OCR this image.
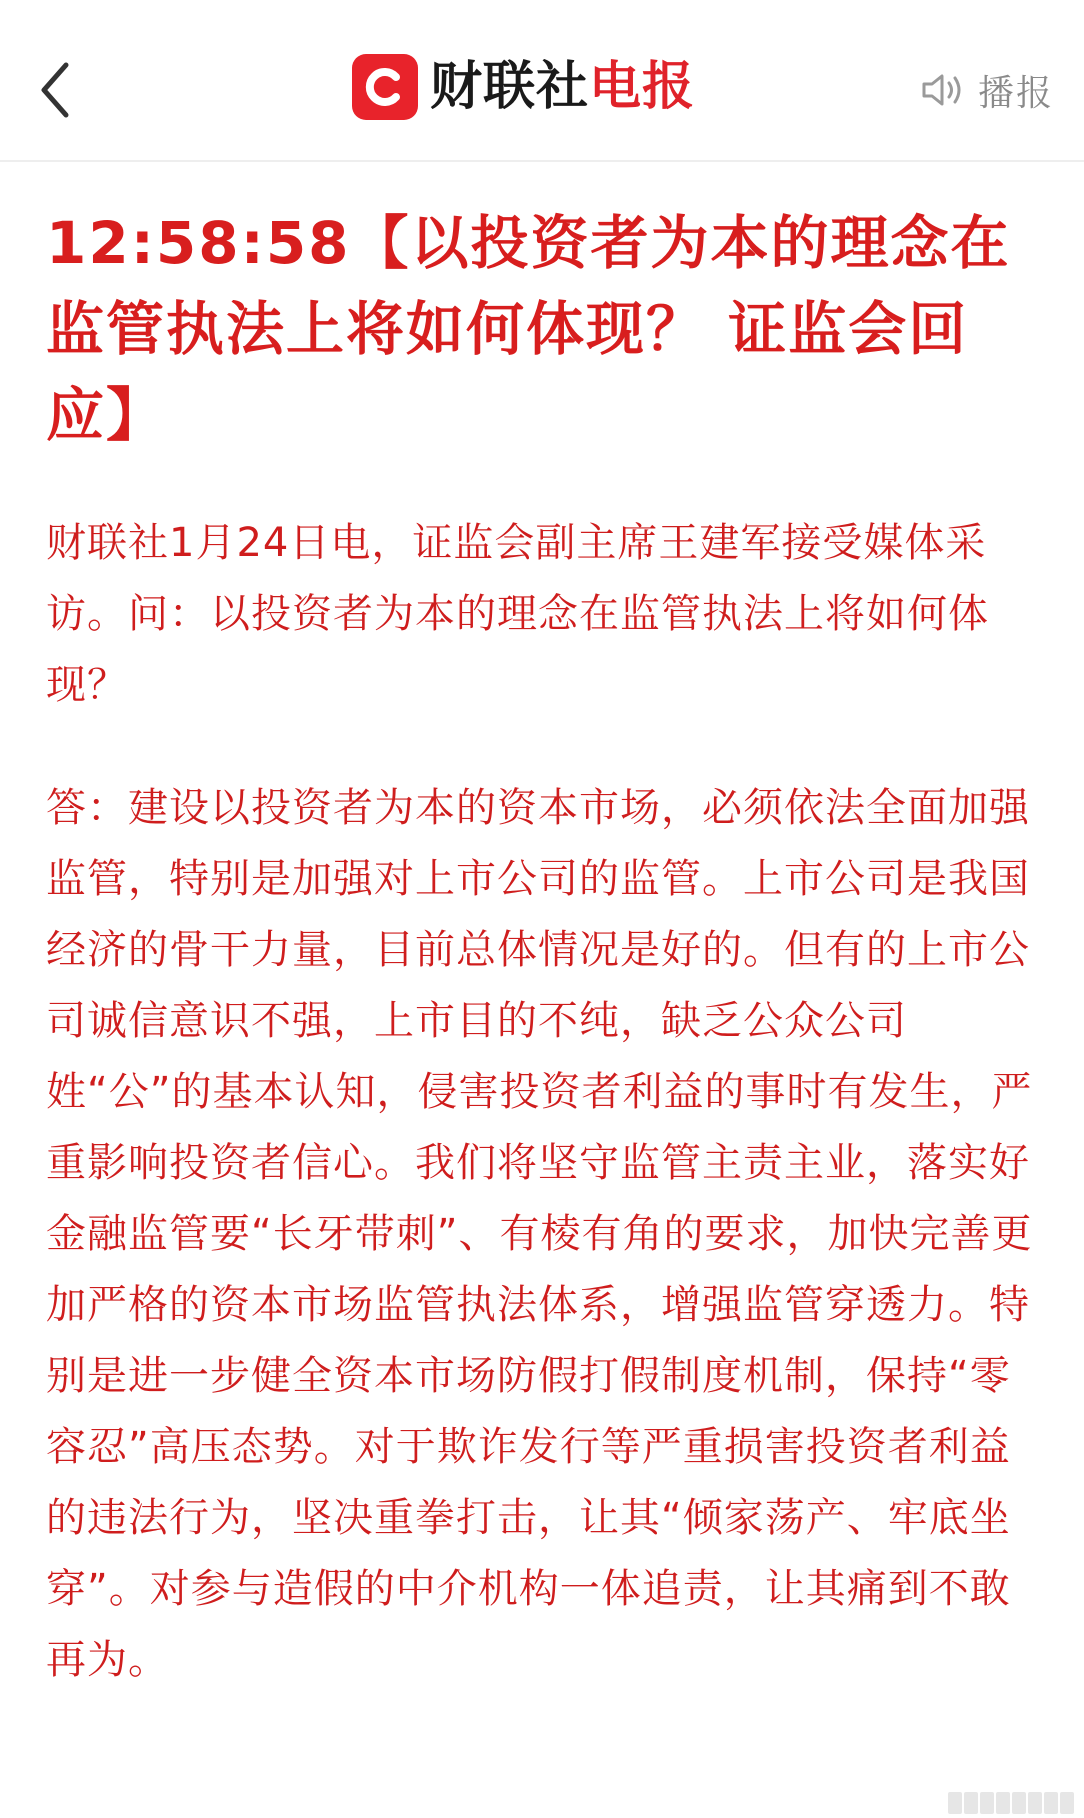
财联社 电报	播报
12:58:58【以投资者为本的理念在监管执法上将如何体现？ 证监会回应】

财联社1月24日电，证监会副主席王建军接受媒体采访。问：以投资者为本的理念在监管执法上将如何体现？

答：建设以投资者为本的资本市场，必须依法全面加强监管，特别是加强对上市公司的监管。上市公司是我国经济的骨干力量，目前总体情况是好的。但有的上市公司诚信意识不强，上市目的不纯，缺乏公众公司姓“公”的基本认知，侵害投资者利益的事时有发生，严重影响投资者信心。我们将坚守监管主责主业，落实好金融监管要“长牙带刺”、有棱有角的要求，加快完善更加严格的资本市场监管执法体系，增强监管穿透力。特别是进一步健全资本市场防假打假制度机制，保持“零容忍”高压态势。对于欺诈发行等严重损害投资者利益的违法行为，坚决重拳打击，让其“倾家荡产、牢底坐穿”。对参与造假的中介机构一体追责，让其痛到不敢再为。
